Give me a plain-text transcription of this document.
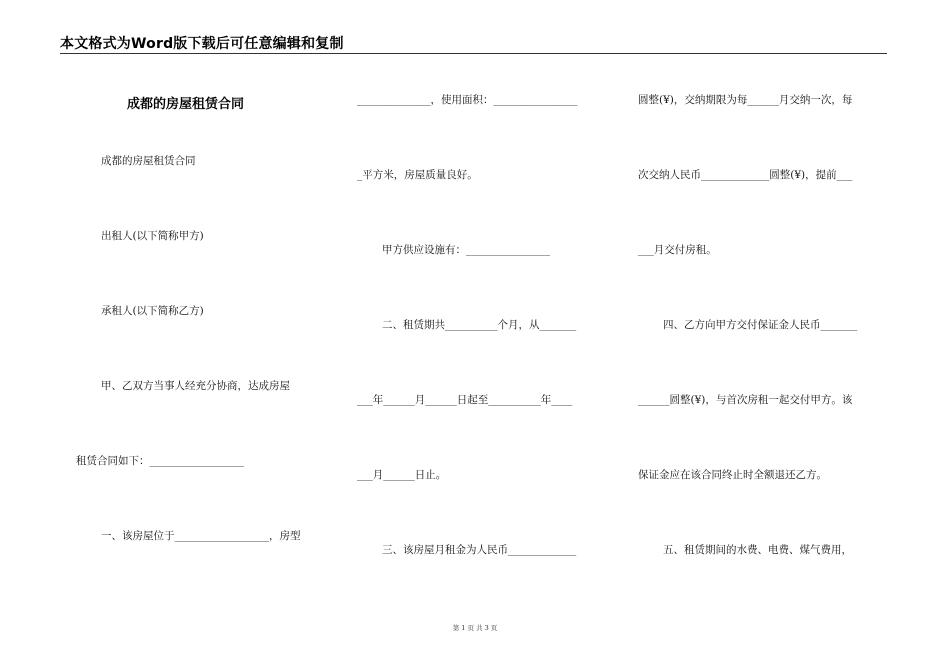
本文格式为Word版下载后可任意编辑和复制
成都的房屋租赁合同
成都的房屋租赁合同
出租人(以下简称甲方)
承租人(以下简称乙方)
甲、乙双方当事人经充分协商，达成房屋
租赁合同如下：__________________
一、该房屋位于__________________，房型
______________，使用面积：________________
_平方米，房屋质量良好。
甲方供应设施有：________________
二、租赁期共__________个月，从_______
___年______月______日起至__________年____
___月______日止。
三、该房屋月租金为人民币_____________
圆整(¥)，交纳期限为每______月交纳一次，每
次交纳人民币_____________圆整(¥)，提前___
___月交付房租。
四、乙方向甲方交付保证金人民币_______
______圆整(¥)，与首次房租一起交付甲方。该
保证金应在该合同终止时全额退还乙方。
五、租赁期间的水费、电费、煤气费用，
第 1 页 共 3 页
